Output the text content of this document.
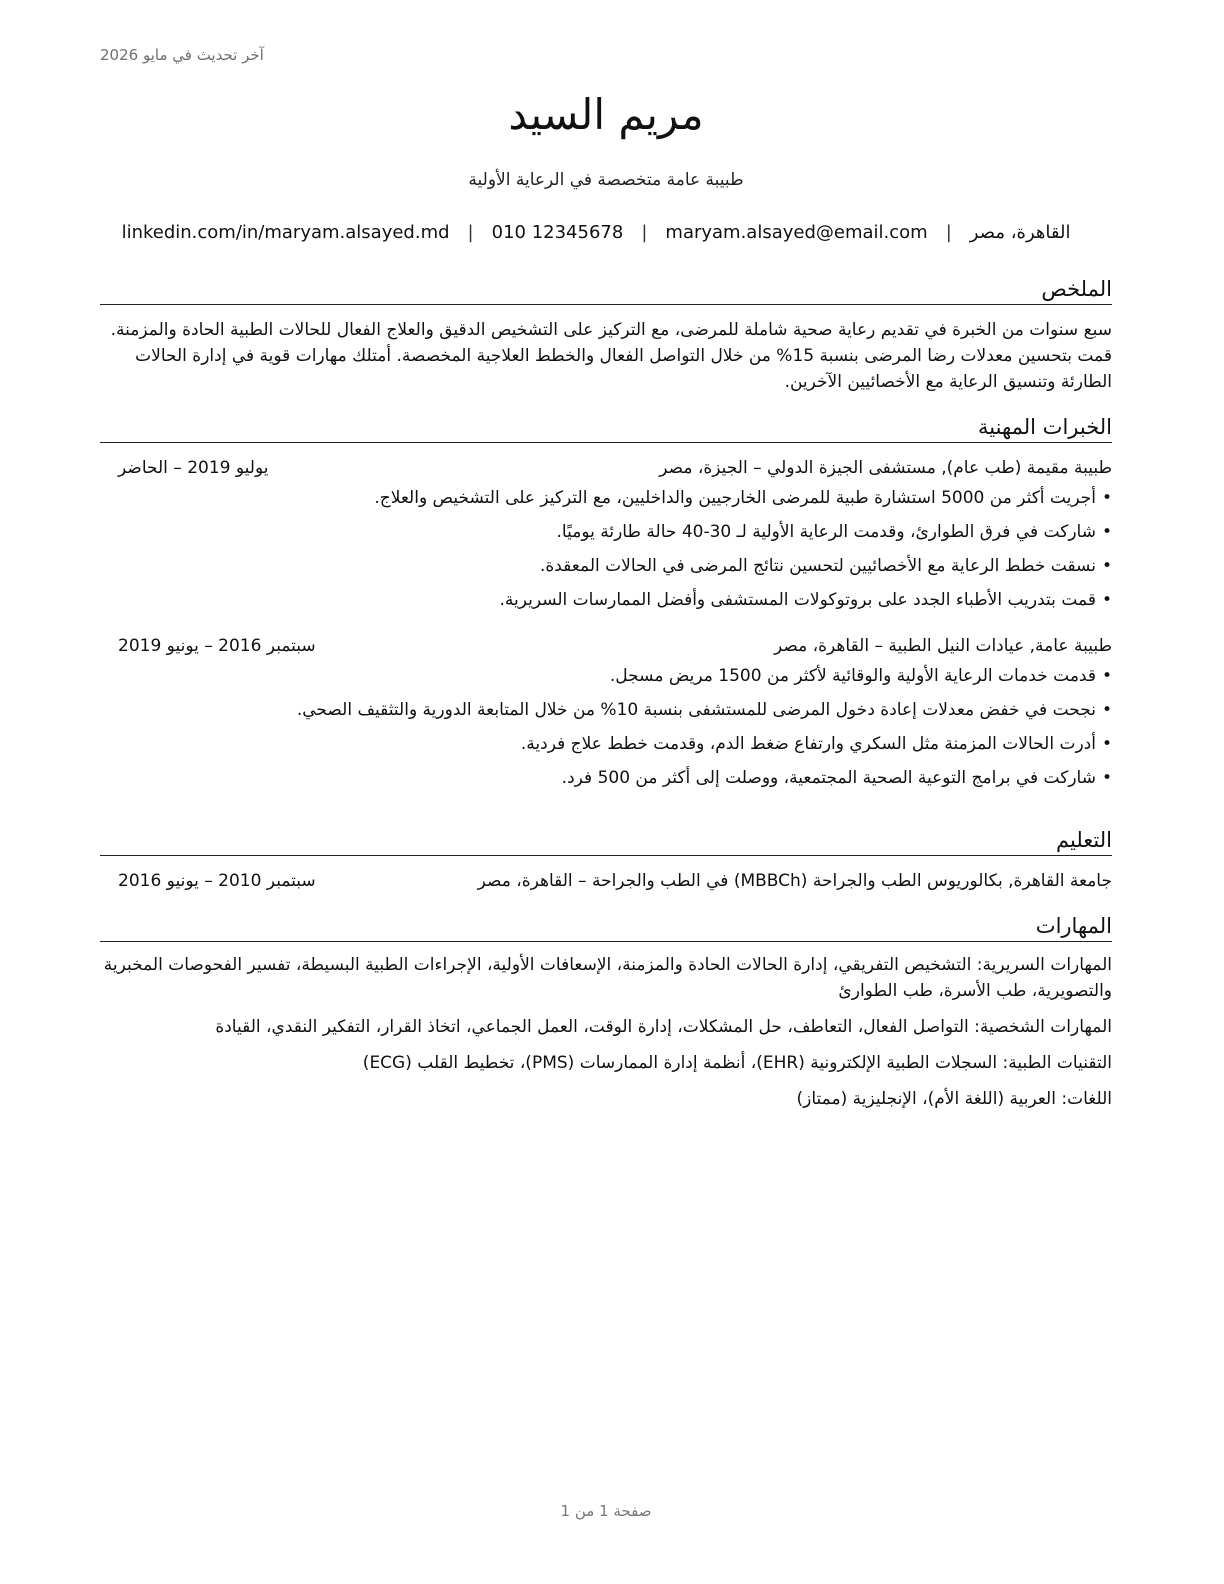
آخر تحديث في مايو 2026
مريم السيد
طبيبة عامة متخصصة في الرعاية الأولية
القاهرة، مصر
|
maryam.alsayed@email.com
|
010 12345678
|
linkedin.com/in/maryam.alsayed.md
الملخص

سبع سنوات من الخبرة في تقديم رعاية صحية شاملة للمرضى، مع التركيز على التشخيص الدقيق والعلاج الفعال للحالات الطبية الحادة والمزمنة. قمت بتحسين معدلات رضا المرضى بنسبة 15% من خلال التواصل الفعال والخطط العلاجية المخصصة. أمتلك مهارات قوية في إدارة الحالات الطارئة وتنسيق الرعاية مع الأخصائيين الآخرين.

الخبرات المهنية
طبيبة مقيمة (طب عام), مستشفى الجيزة الدولي – الجيزة، مصر
يوليو 2019 – الحاضر
•أجريت أكثر من 5000 استشارة طبية للمرضى الخارجيين والداخليين، مع التركيز على التشخيص والعلاج.
•شاركت في فرق الطوارئ، وقدمت الرعاية الأولية لـ 30-40 حالة طارئة يوميًا.
•نسقت خطط الرعاية مع الأخصائيين لتحسين نتائج المرضى في الحالات المعقدة.
•قمت بتدريب الأطباء الجدد على بروتوكولات المستشفى وأفضل الممارسات السريرية.
طبيبة عامة, عيادات النيل الطبية – القاهرة، مصر
سبتمبر 2016 – يونيو 2019
•قدمت خدمات الرعاية الأولية والوقائية لأكثر من 1500 مريض مسجل.
•نجحت في خفض معدلات إعادة دخول المرضى للمستشفى بنسبة 10% من خلال المتابعة الدورية والتثقيف الصحي.
•أدرت الحالات المزمنة مثل السكري وارتفاع ضغط الدم، وقدمت خطط علاج فردية.
•شاركت في برامج التوعية الصحية المجتمعية، ووصلت إلى أكثر من 500 فرد.
التعليم
جامعة القاهرة, بكالوريوس الطب والجراحة (MBBCh) في الطب والجراحة – القاهرة، مصر
سبتمبر 2010 – يونيو 2016
المهارات
المهارات السريرية: التشخيص التفريقي، إدارة الحالات الحادة والمزمنة، الإسعافات الأولية، الإجراءات الطبية البسيطة، تفسير الفحوصات المخبرية والتصويرية، طب الأسرة، طب الطوارئ
المهارات الشخصية: التواصل الفعال، التعاطف، حل المشكلات، إدارة الوقت، العمل الجماعي، اتخاذ القرار، التفكير النقدي، القيادة
التقنيات الطبية: السجلات الطبية الإلكترونية (EHR)، أنظمة إدارة الممارسات (PMS)، تخطيط القلب (ECG)
اللغات: العربية (اللغة الأم)، الإنجليزية (ممتاز)
صفحة 1 من 1
